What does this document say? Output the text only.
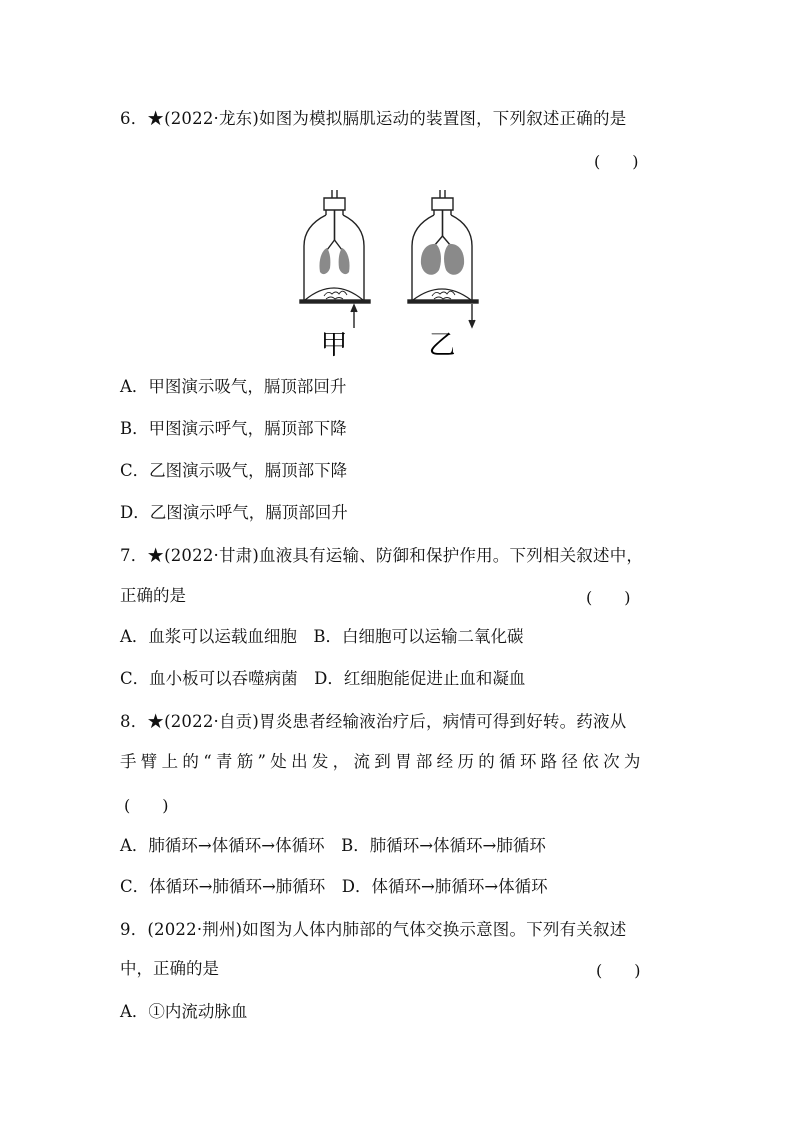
6．★(2022·龙东)如图为模拟膈肌运动的装置图，下列叙述正确的是
(　　)
甲	乙
A．甲图演示吸气，膈顶部回升
B．甲图演示呼气，膈顶部下降
C．乙图演示吸气，膈顶部下降
D．乙图演示呼气，膈顶部回升
7．★(2022·甘肃)血液具有运输、防御和保护作用。下列相关叙述中，
正确的是	(　　)
A．血浆可以运载血细胞　B．白细胞可以运输二氧化碳
C．血小板可以吞噬病菌　D．红细胞能促进止血和凝血
8．★(2022·自贡)胃炎患者经输液治疗后，病情可得到好转。药液从
手臂上的“青筋”处出发，流到胃部经历的循环路径依次为
(　　)
A．肺循环→体循环→体循环　B．肺循环→体循环→肺循环
C．体循环→肺循环→肺循环　D．体循环→肺循环→体循环
9．(2022·荆州)如图为人体内肺部的气体交换示意图。下列有关叙述
中，正确的是	(　　)
A．①内流动脉血
